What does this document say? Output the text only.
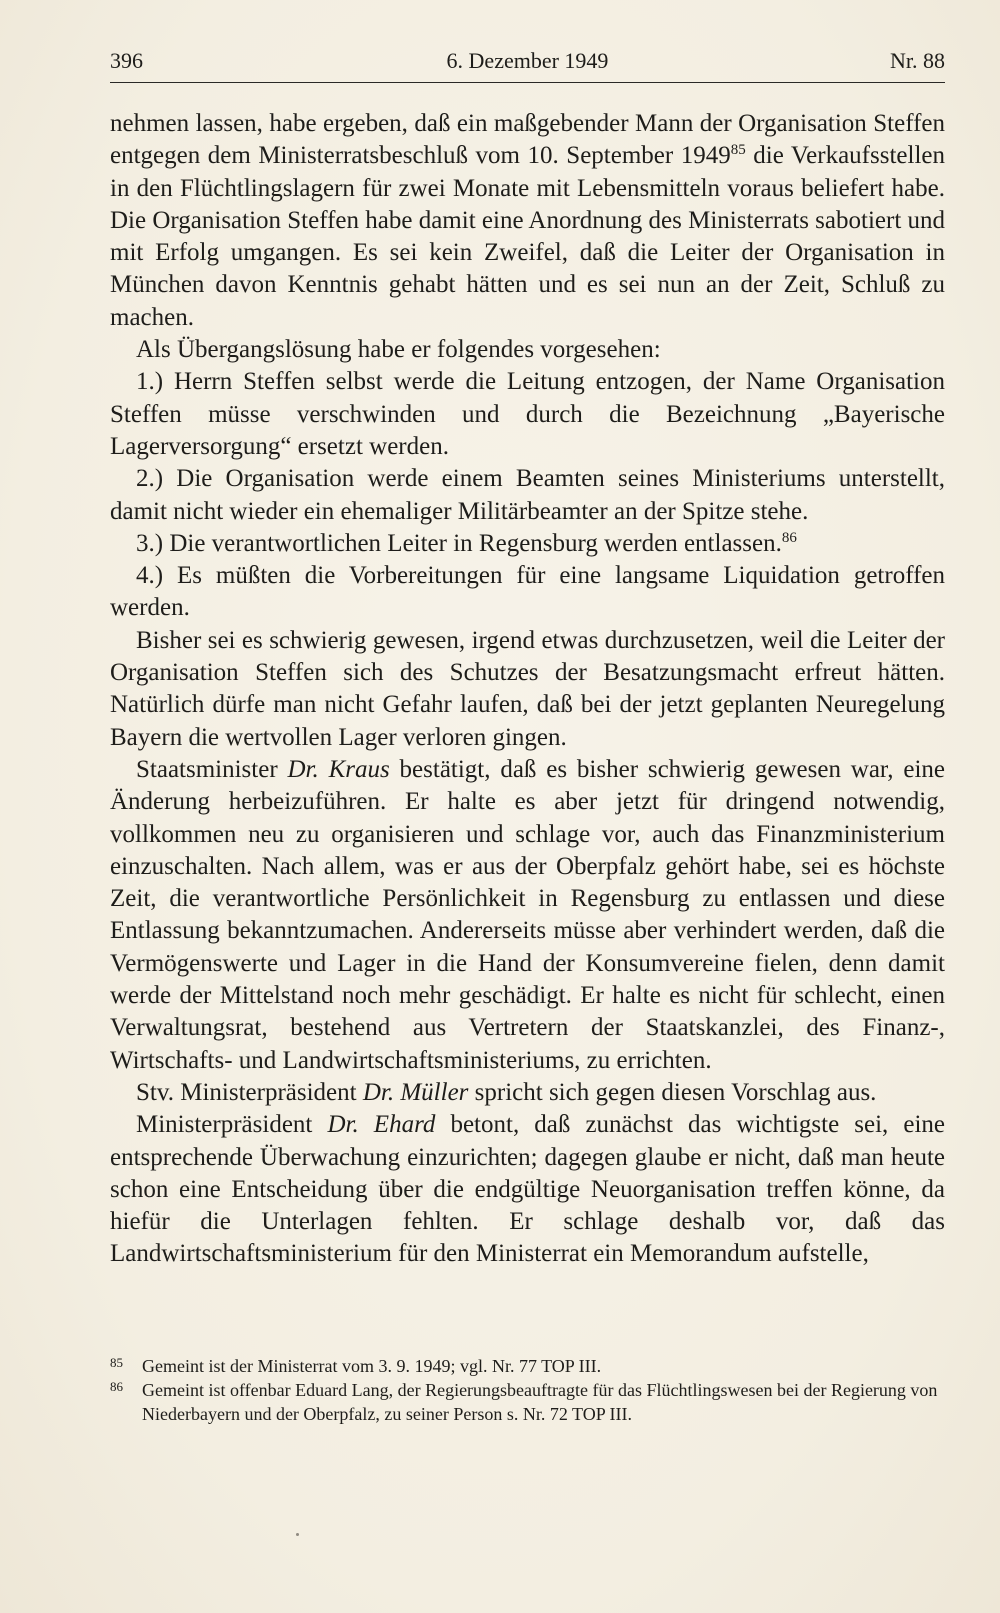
396	6. Dezember 1949	Nr. 88

nehmen lassen, habe ergeben, daß ein maßgebender Mann der Organisation Steffen entgegen dem Ministerratsbeschluß vom 10. September 1949$^{85}$ die Verkaufsstellen in den Flüchtlingslagern für zwei Monate mit Lebensmitteln voraus beliefert habe. Die Organisation Steffen habe damit eine Anordnung des Ministerrats sabotiert und mit Erfolg umgangen. Es sei kein Zweifel, daß die Leiter der Organisation in München davon Kenntnis gehabt hätten und es sei nun an der Zeit, Schluß zu machen.

Als Übergangslösung habe er folgendes vorgesehen:

1.) Herrn Steffen selbst werde die Leitung entzogen, der Name Organisation Steffen müsse verschwinden und durch die Bezeichnung „Bayerische Lagerversorgung“ ersetzt werden.

2.) Die Organisation werde einem Beamten seines Ministeriums unterstellt, damit nicht wieder ein ehemaliger Militärbeamter an der Spitze stehe.

3.) Die verantwortlichen Leiter in Regensburg werden entlassen.$^{86}$

4.) Es müßten die Vorbereitungen für eine langsame Liquidation getroffen werden.

Bisher sei es schwierig gewesen, irgend etwas durchzusetzen, weil die Leiter der Organisation Steffen sich des Schutzes der Besatzungsmacht erfreut hätten. Natürlich dürfe man nicht Gefahr laufen, daß bei der jetzt geplanten Neuregelung Bayern die wertvollen Lager verloren gingen.

Staatsminister Dr. Kraus bestätigt, daß es bisher schwierig gewesen war, eine Änderung herbeizuführen. Er halte es aber jetzt für dringend notwendig, vollkommen neu zu organisieren und schlage vor, auch das Finanzministerium einzuschalten. Nach allem, was er aus der Oberpfalz gehört habe, sei es höchste Zeit, die verantwortliche Persönlichkeit in Regensburg zu entlassen und diese Entlassung bekanntzumachen. Andererseits müsse aber verhindert werden, daß die Vermögenswerte und Lager in die Hand der Konsumvereine fielen, denn damit werde der Mittelstand noch mehr geschädigt. Er halte es nicht für schlecht, einen Verwaltungsrat, bestehend aus Vertretern der Staatskanzlei, des Finanz-, Wirtschafts- und Landwirtschaftsministeriums, zu errichten.

Stv. Ministerpräsident Dr. Müller spricht sich gegen diesen Vorschlag aus.

Ministerpräsident Dr. Ehard betont, daß zunächst das wichtigste sei, eine entsprechende Überwachung einzurichten; dagegen glaube er nicht, daß man heute schon eine Entscheidung über die endgültige Neuorganisation treffen könne, da hiefür die Unterlagen fehlten. Er schlage deshalb vor, daß das Landwirtschaftsministerium für den Ministerrat ein Memorandum aufstelle,

85 Gemeint ist der Ministerrat vom 3. 9. 1949; vgl. Nr. 77 TOP III.

86 Gemeint ist offenbar Eduard Lang, der Regierungsbeauftragte für das Flüchtlingswesen bei der Regierung von Niederbayern und der Oberpfalz, zu seiner Person s. Nr. 72 TOP III.
